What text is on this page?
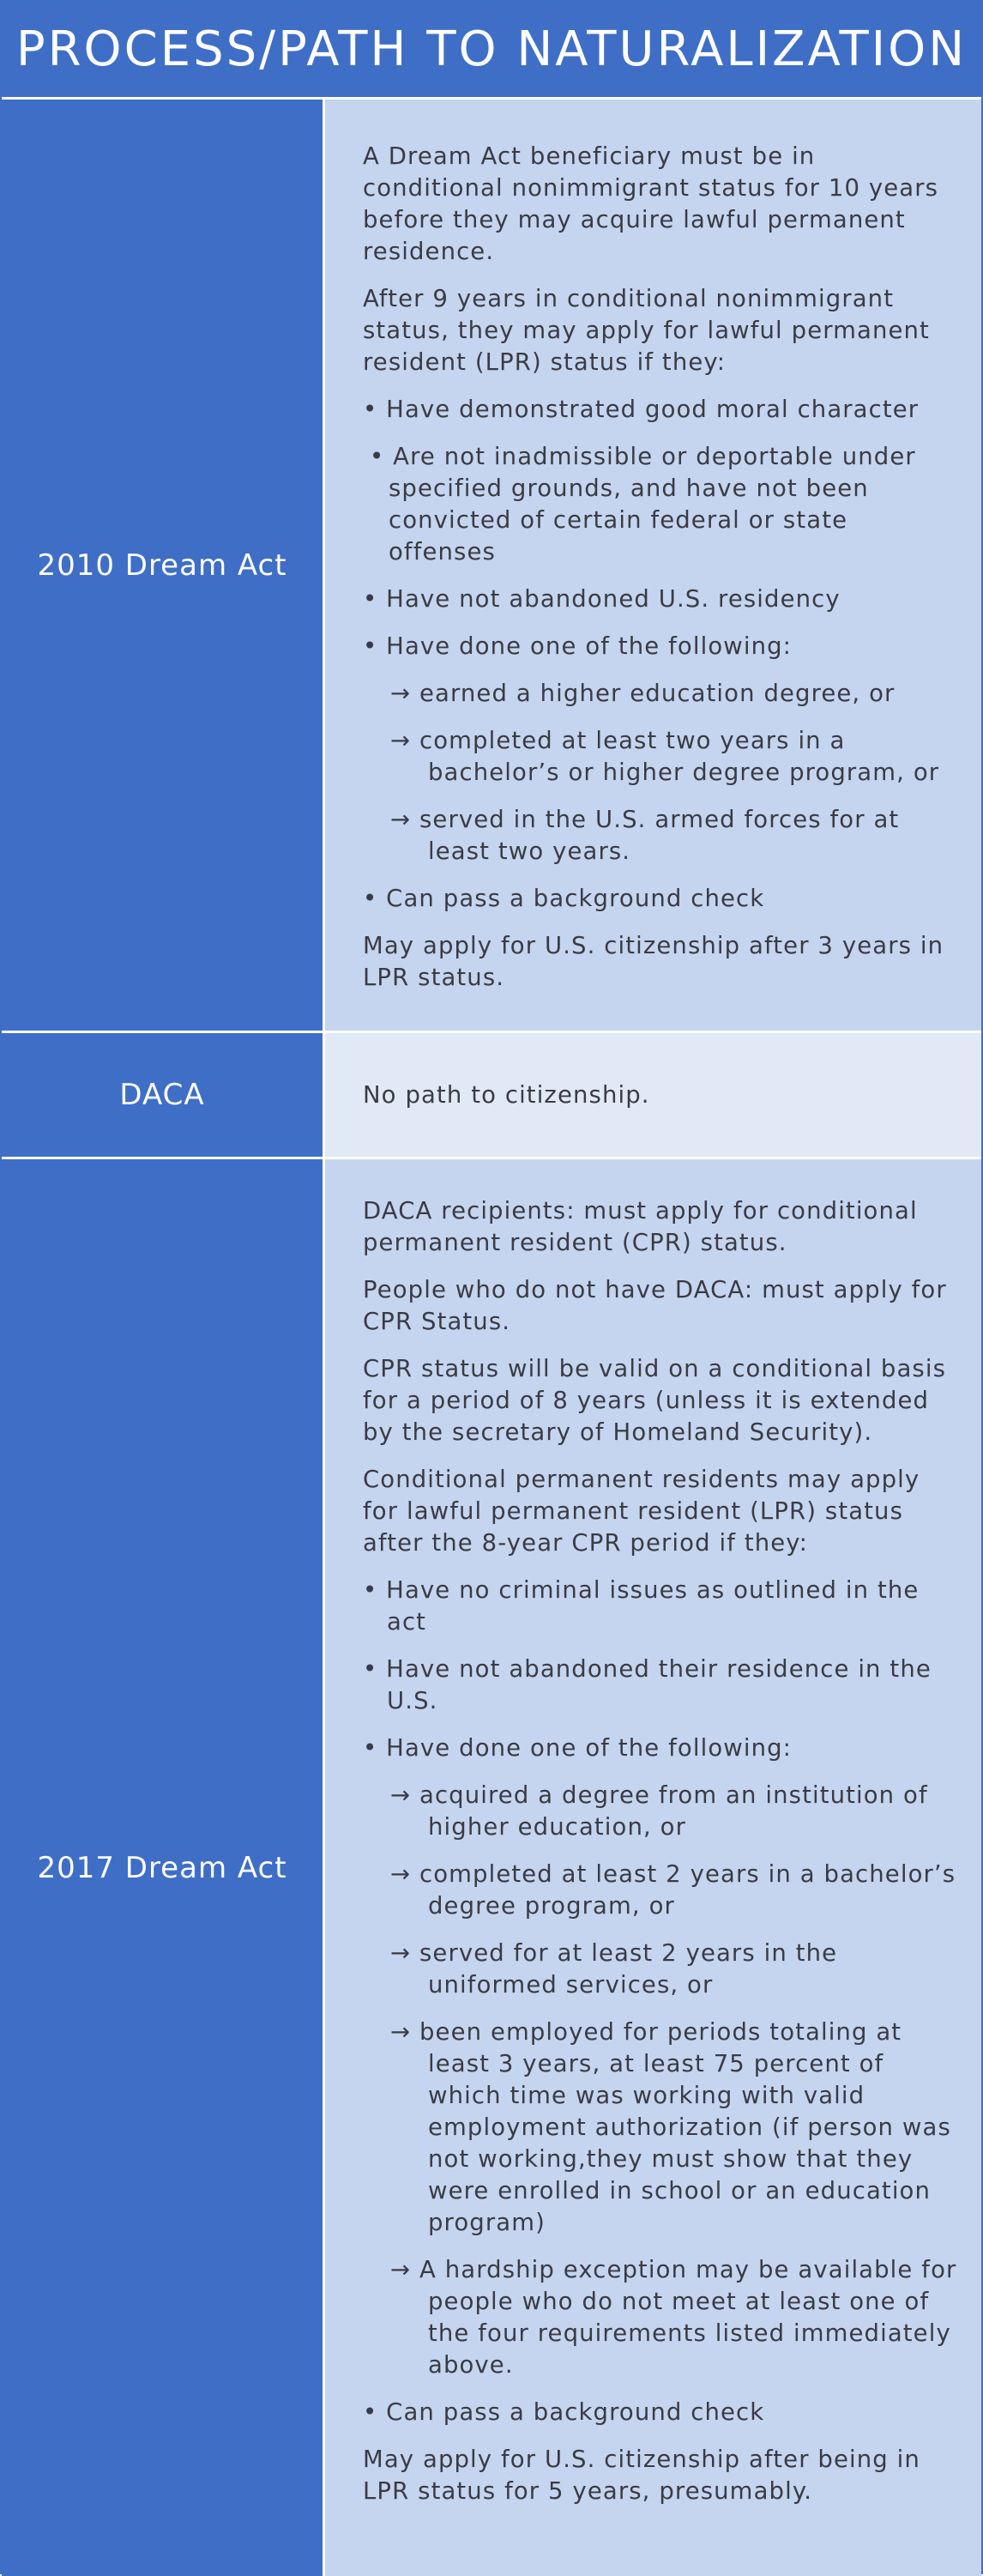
PROCESS/PATH TO NATURALIZATION
2010 Dream Act

A Dream Act beneficiary must be in conditional nonimmigrant status for 10 years before they may acquire lawful permanent residence.

After 9 years in conditional nonimmigrant status, they may apply for lawful permanent resident (LPR) status if they:

• Have demonstrated good moral character
• Are not inadmissible or deportable under specified grounds, and have not been convicted of certain federal or state offenses
• Have not abandoned U.S. residency
• Have done one of the following:
→ earned a higher education degree, or
→ completed at least two years in a bachelor’s or higher degree program, or
→ served in the U.S. armed forces for at least two years.
• Can pass a background check

May apply for U.S. citizenship after 3 years in LPR status.

DACA	No path to citizenship.

2017 Dream Act

DACA recipients: must apply for conditional permanent resident (CPR) status.

People who do not have DACA: must apply for CPR Status.

CPR status will be valid on a conditional basis for a period of 8 years (unless it is extended by the secretary of Homeland Security).

Conditional permanent residents may apply for lawful permanent resident (LPR) status after the 8-year CPR period if they:

• Have no criminal issues as outlined in the act
• Have not abandoned their residence in the U.S.
• Have done one of the following:
→ acquired a degree from an institution of higher education, or
→ completed at least 2 years in a bachelor’s degree program, or
→ served for at least 2 years in the uniformed services, or
→ been employed for periods totaling at least 3 years, at least 75 percent of which time was working with valid employment authorization (if person was not working,they must show that they were enrolled in school or an education program)
→ A hardship exception may be available for people who do not meet at least one of the four requirements listed immediately above.
• Can pass a background check

May apply for U.S. citizenship after being in LPR status for 5 years, presumably.
